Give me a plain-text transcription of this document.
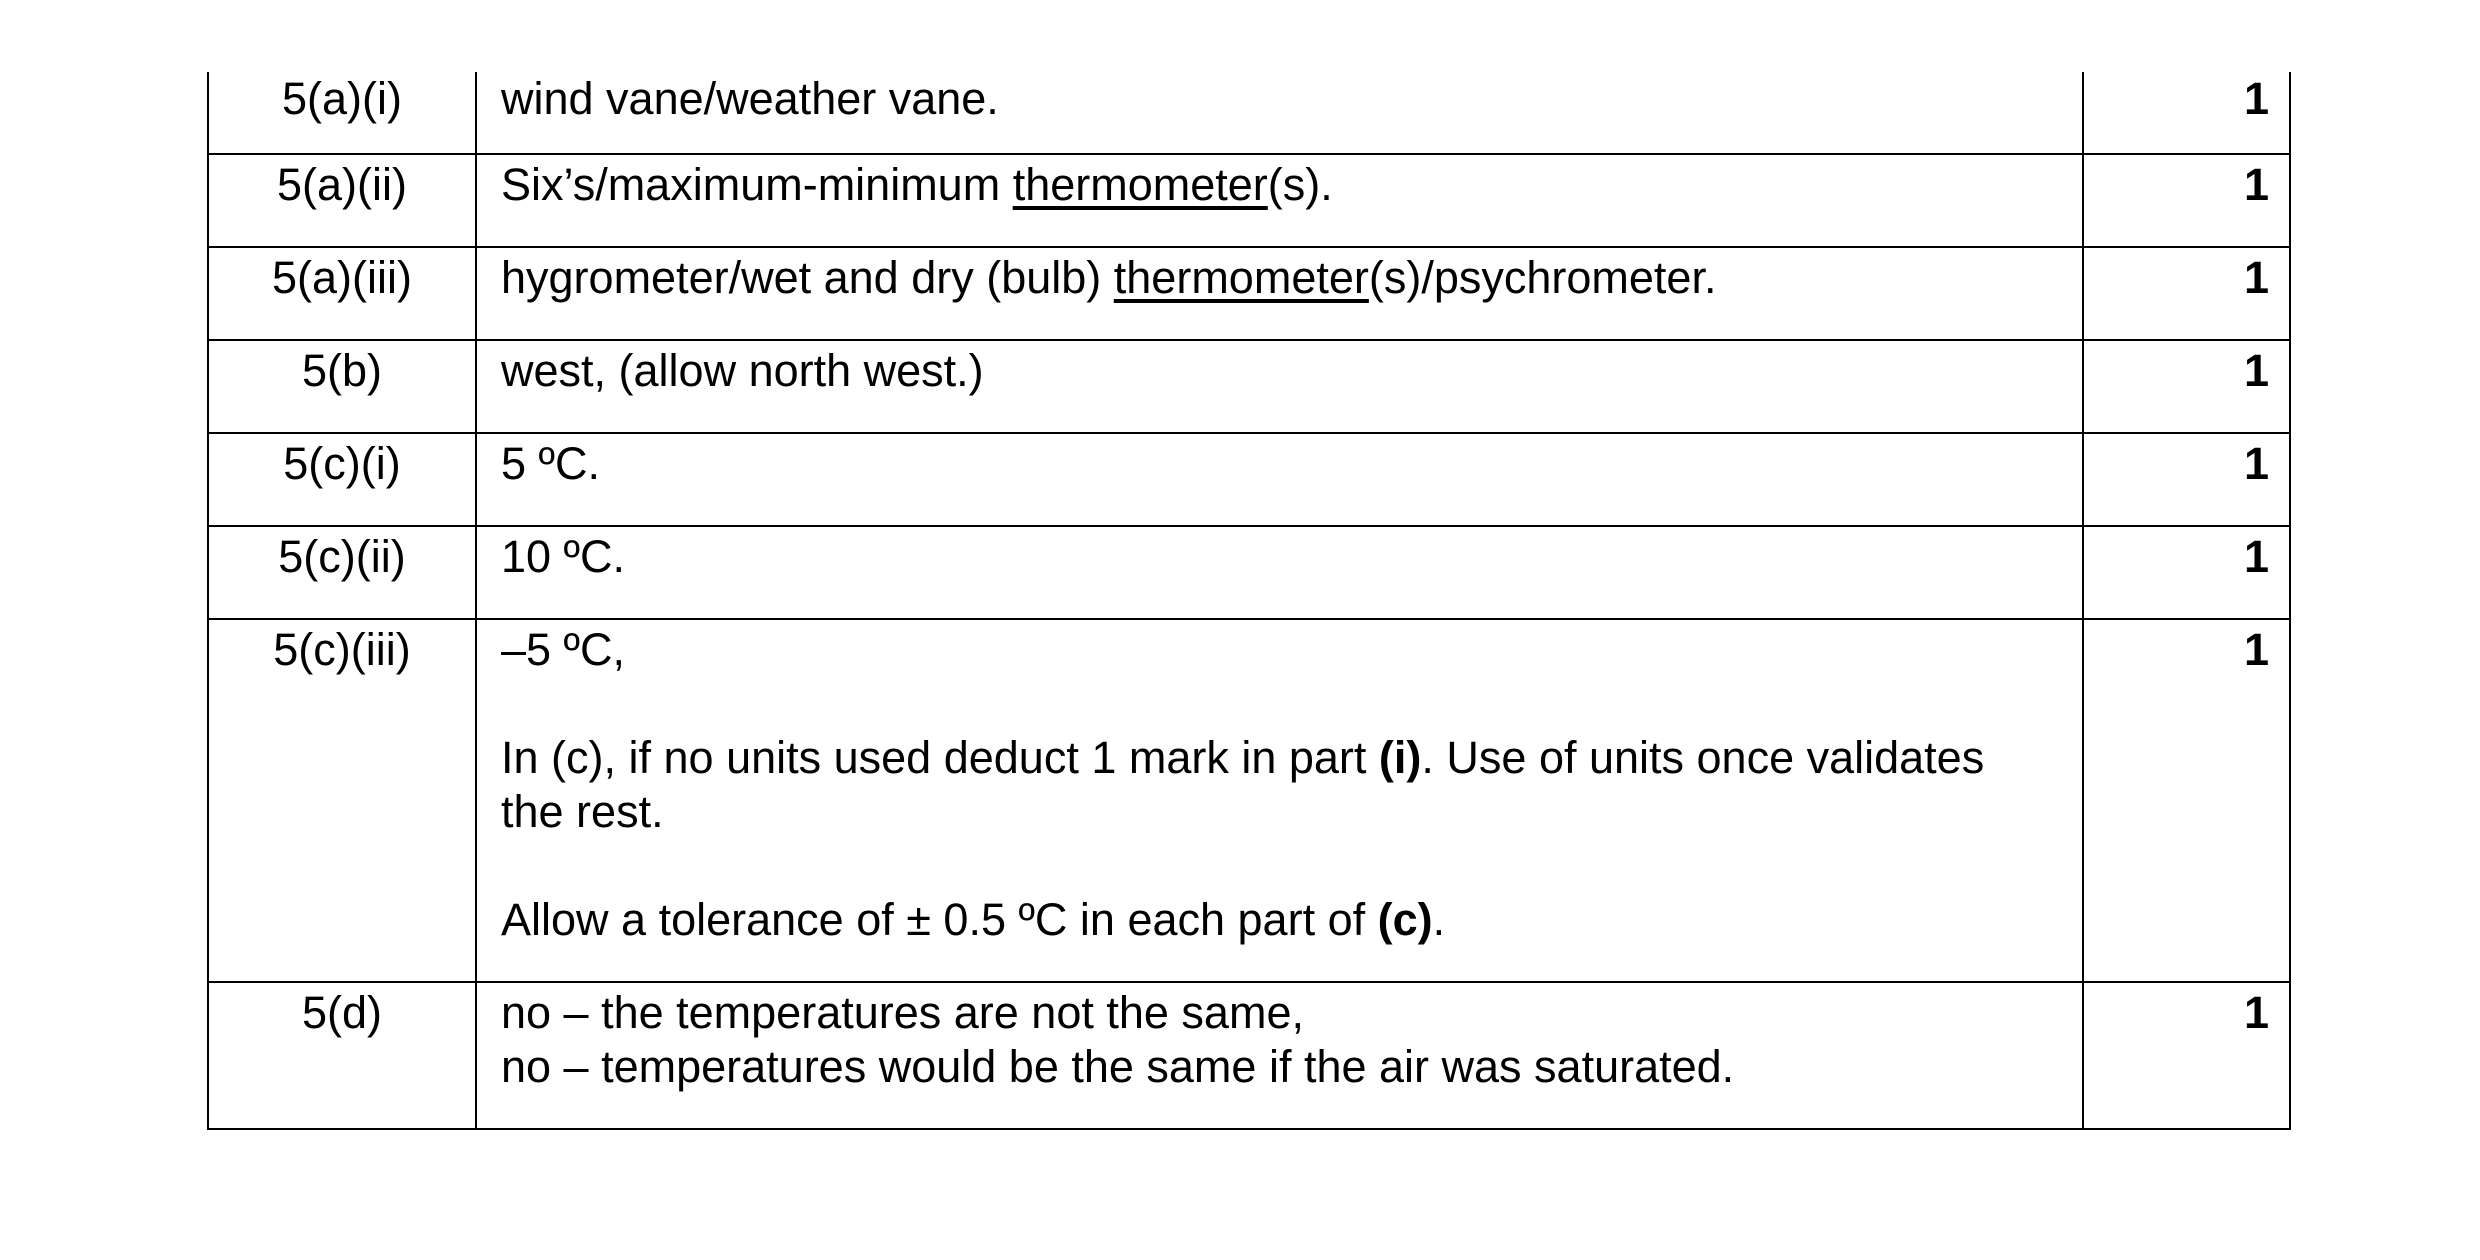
5(a)(i)	wind vane/weather vane.	1
5(a)(ii)	Six’s/maximum-minimum thermometer(s).	1
5(a)(iii)	hygrometer/wet and dry (bulb) thermometer(s)/psychrometer.	1
5(b)	west, (allow north west.)	1
5(c)(i)	5 ºC.	1
5(c)(ii)	10 ºC.	1
5(c)(iii)	–5 ºC,

In (c), if no units used deduct 1 mark in part (i). Use of units once validates the rest.

Allow a tolerance of ± 0.5 ºC in each part of (c).	1
5(d)	no – the temperatures are not the same,

no – temperatures would be the same if the air was saturated.	1
